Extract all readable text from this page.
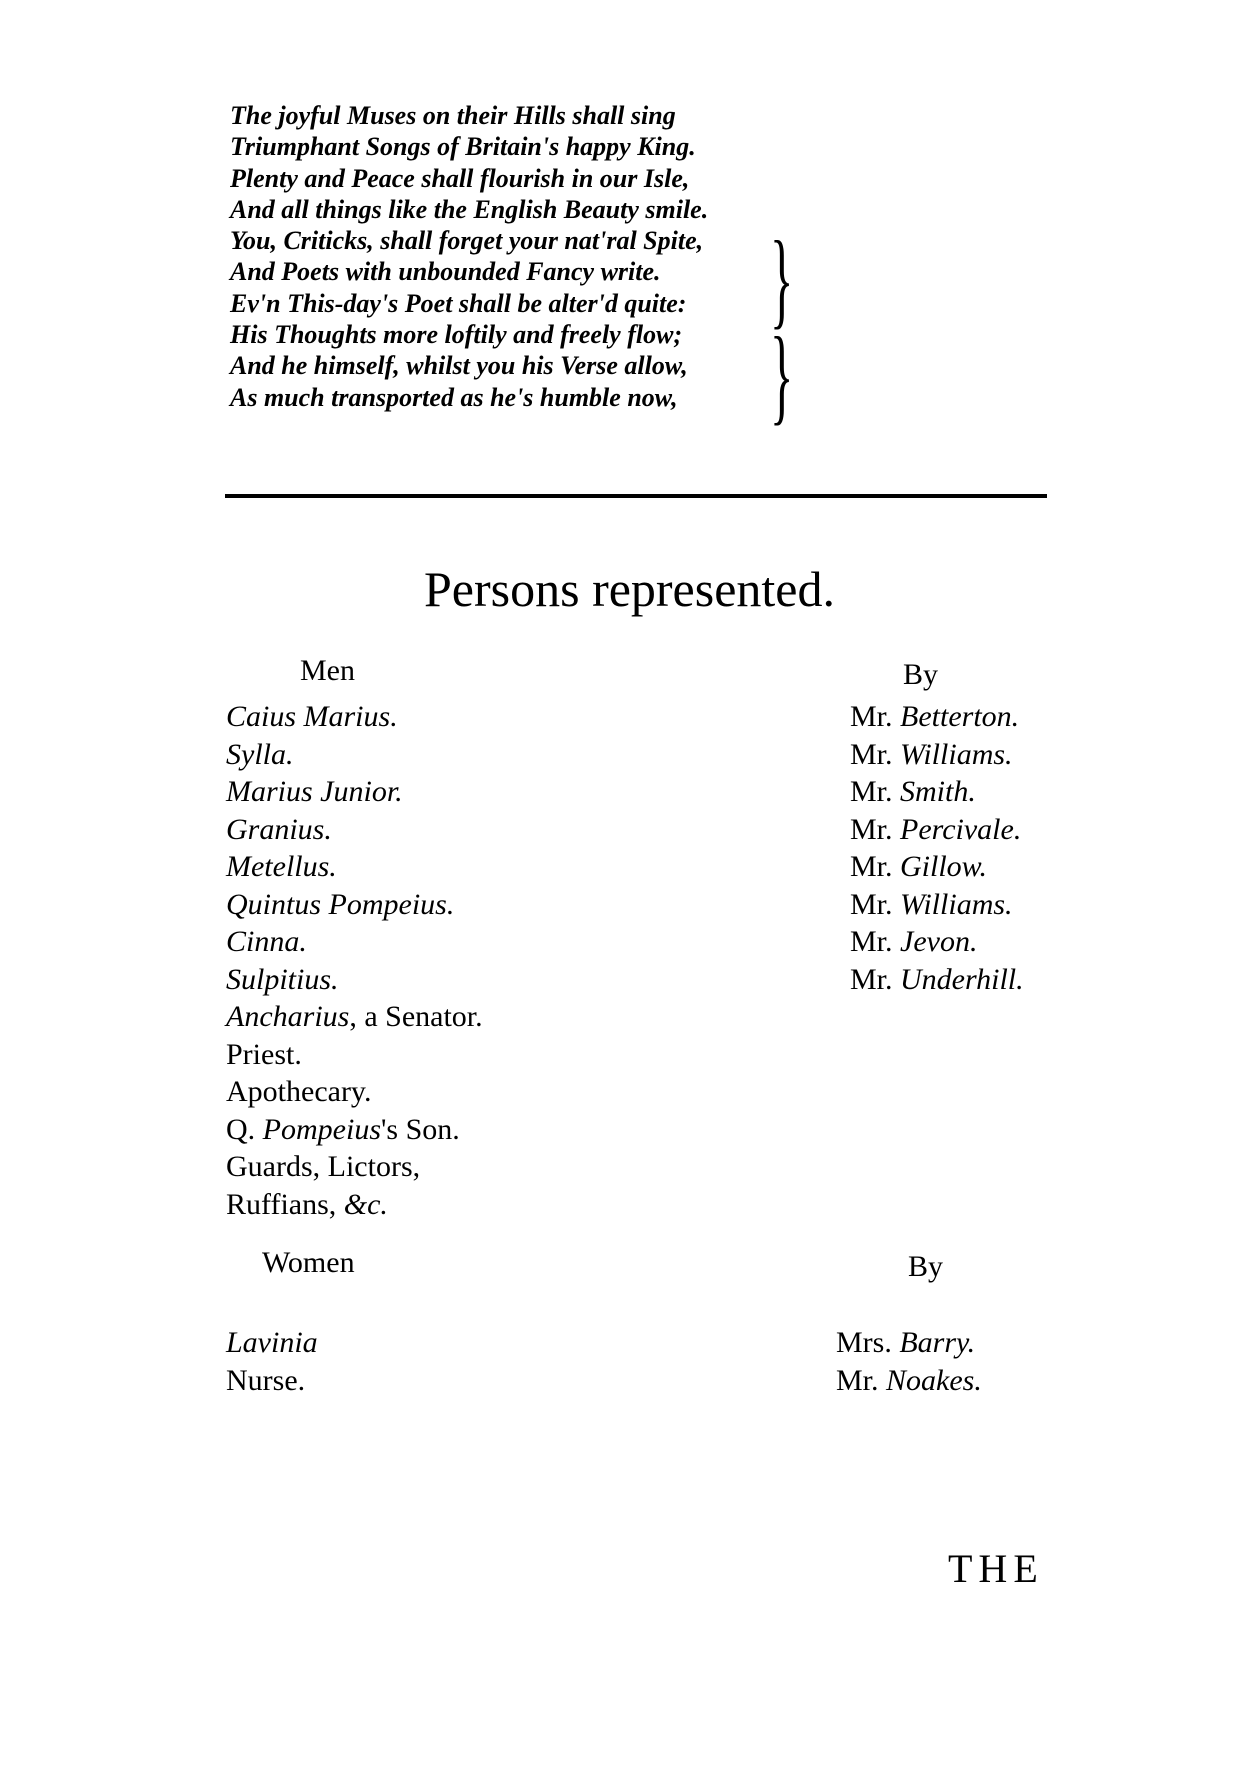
The joyful Muses on their Hills shall sing
Triumphant Songs of Britain's happy King.
Plenty and Peace shall flourish in our Isle,
And all things like the English Beauty smile.
You, Criticks, shall forget your nat'ral Spite,
And Poets with unbounded Fancy write.
Ev'n This-day's Poet shall be alter'd quite:
His Thoughts more loftily and freely flow;
And he himself, whilst you his Verse allow,
As much transported as he's humble now,
}
}
Persons represented.
Men	By
Caius Marius.
Sylla.
Marius Junior.
Granius.
Metellus.
Quintus Pompeius.
Cinna.
Sulpitius.
Ancharius, a Senator.
Priest.
Apothecary.
Q. Pompeius's Son.
Guards, Lictors,
Ruffians, &c.
Mr. Betterton.
Mr. Williams.
Mr. Smith.
Mr. Percivale.
Mr. Gillow.
Mr. Williams.
Mr. Jevon.
Mr. Underhill.
Women	By
Lavinia
Nurse.
Mrs. Barry.
Mr. Noakes.
THE
